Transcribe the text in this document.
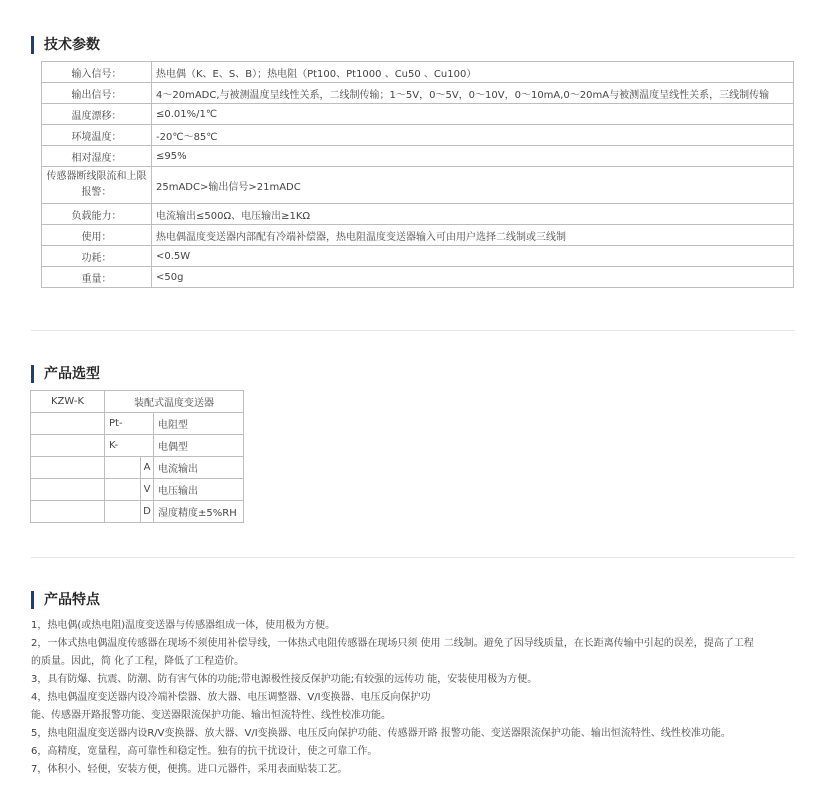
技术参数
输入信号：	热电偶（K、E、S、B）；热电阻（Pt100、Pt1000 、Cu50 、Cu100）
输出信号：	4～20mADC,与被测温度呈线性关系，二线制传输；1～5V，0～5V，0～10V，0～10mA,0～20mA与被测温度呈线性关系，三线制传输
温度漂移：	≤0.01%/1℃
环境温度：	-20℃～85℃
相对湿度：	≤95%
传感器断线限流和上限报警：	25mADC>输出信号>21mADC
负载能力：	电流输出≤500Ω、电压输出≥1KΩ
使用：	热电偶温度变送器内部配有冷端补偿器，热电阻温度变送器输入可由用户选择二线制或三线制
功耗：	<0.5W
重量：	<50g
产品选型
KZW-K	装配式温度变送器		
	Pt-		电阻型
	K-		电偶型
		A	电流输出
		V	电压输出
		D	湿度精度±5%RH
产品特点
1，热电偶(或热电阻)温度变送器与传感器组成一体，使用极为方便。
2，一体式热电偶温度传感器在现场不须使用补偿导线，一体热式电阻传感器在现场只须 使用 二线制。避免了因导线质量，在长距离传输中引起的误差，提高了工程
的质量。因此，简 化了工程，降低了工程造价。
3，具有防爆、抗震、防潮、防有害气体的功能;带电源极性接反保护功能;有较强的远传功 能，安装使用极为方便。
4，热电偶温度变送器内设冷端补偿器、放大器、电压调整器、V/I变换器、电压反向保护功
能、传感器开路报警功能、变送器限流保护功能、输出恒流特性、线性校准功能。
5，热电阻温度变送器内设R/V变换器、放大器、V/I变换器、电压反向保护功能、传感器开路 报警功能、变送器限流保护功能、输出恒流特性、线性校准功能。
6，高精度，宽量程，高可靠性和稳定性。独有的抗干扰设计，使之可靠工作。
7，体积小、轻便，安装方便，便携。进口元器件，采用表面贴装工艺。
